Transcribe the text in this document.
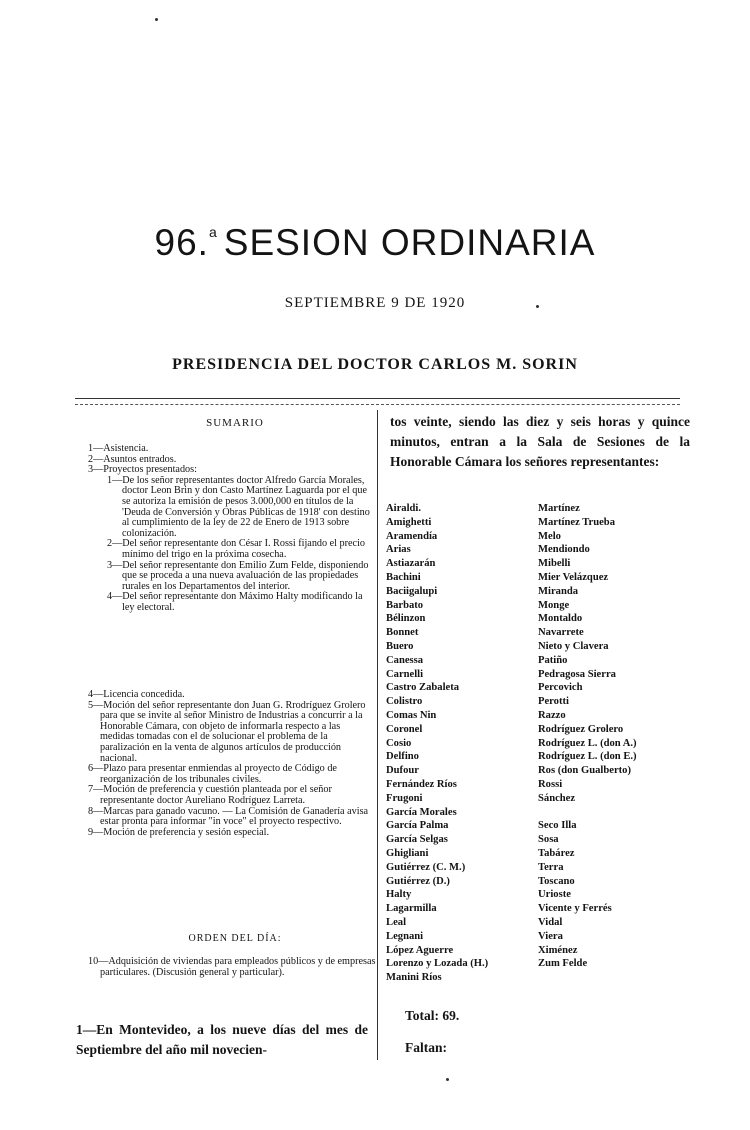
96.$^a$ SESION ORDINARIA
SEPTIEMBRE 9 DE 1920
PRESIDENCIA DEL DOCTOR CARLOS M. SORIN
SUMARIO
1—Asistencia.
2—Asuntos entrados.
3—Proyectos presentados:
1—De los señor representantes doctor Alfredo García Morales, doctor Leon Brin y don Casto Martínez Laguarda por el que se autoriza la emisión de pesos 3.000,000 en títulos de la 'Deuda de Conversión y Obras Públicas de 1918' con destino al cumplimiento de la ley de 22 de Enero de 1913 sobre colonización.
2—Del señor representante don César I. Rossi fijando el precio mínimo del trigo en la próxima cosecha.
3—Del señor representante don Emilio Zum Felde, disponiendo que se proceda a una nueva avaluación de las propiedades rurales en los Departamentos del interior.
4—Del señor representante don Máximo Halty modificando la ley electoral.
4—Licencia concedida.
5—Moción del señor representante don Juan G. Rrodríguez Grolero para que se invite al señor Ministro de Industrias a concurrir a la Honorable Cámara, con objeto de informarla respecto a las medidas tomadas con el de solucionar el problema de la paralización en la venta de algunos artículos de producción nacional.
6—Plazo para presentar enmiendas al proyecto de Código de reorganización de los tribunales civiles.
7—Moción de preferencia y cuestión planteada por el señor representante doctor Aureliano Rodríguez Larreta.
8—Marcas para ganado vacuno. — La Comisión de Ganadería avisa estar pronta para informar "in voce" el proyecto respectivo.
9—Moción de preferencia y sesión especial.
ORDEN DEL DÍA:
10—Adquisición de viviendas para empleados públicos y de empresas particulares. (Discusión general y particular).
1—En Montevideo, a los nueve días del mes de Septiembre del año mil novecien-
tos veinte, siendo las diez y seis horas y quince minutos, entran a la Sala de Sesiones de la Honorable Cámara los señores representantes:
Airaldi.	Martínez
Amighetti	Martínez Trueba
Aramendía	Melo
Arias	Mendiondo
Astiazarán	Mibelli
Bachini	Mier Velázquez
Baciigalupi	Miranda
Barbato	Monge
Bélinzon	Montaldo
Bonnet	Navarrete
Buero	Nieto y Clavera
Canessa	Patiño
Carnelli	Pedragosa Sierra
Castro Zabaleta	Percovich
Colistro	Perotti
Comas Nin	Razzo
Coronel	Rodríguez Grolero
Cosio	Rodríguez L. (don A.)
Delfino	Rodríguez L. (don E.)
Dufour	Ros (don Gualberto)
Fernández Ríos	Rossi
Frugoni	Sánchez
García Morales
García Palma	Seco Illa
García Selgas	Sosa
Ghigliani	Tabárez
Gutiérrez (C. M.)	Terra
Gutiérrez (D.)	Toscano
Halty	Urioste
Lagarmilla	Vicente y Ferrés
Leal	Vidal
Legnani	Viera
López Aguerre	Ximénez
Lorenzo y Lozada (H.)	Zum Felde
Manini Ríos
Total: 69.
Faltan:
